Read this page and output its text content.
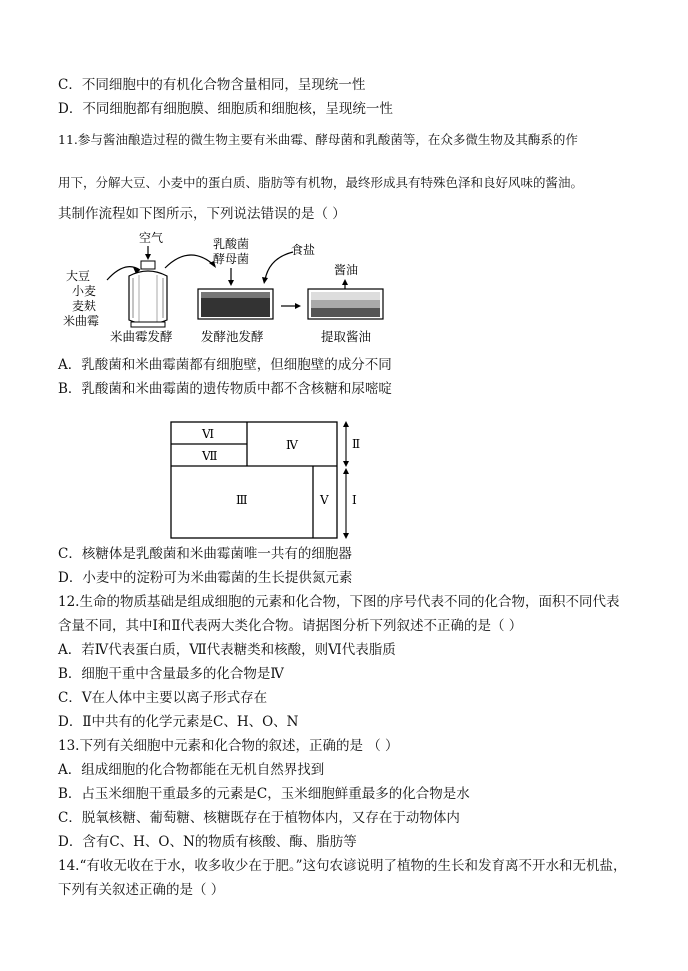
C．不同细胞中的有机化合物含量相同，呈现统一性
D．不同细胞都有细胞膜、细胞质和细胞核，呈现统一性
11.参与酱油酿造过程的微生物主要有米曲霉、酵母菌和乳酸菌等，在众多微生物及其酶系的作
用下，分解大豆、小麦中的蛋白质、脂肪等有机物，最终形成具有特殊色泽和良好风味的酱油。
其制作流程如下图所示，下列说法错误的是（ ）
空气
大豆
小麦
麦麸
米曲霉
乳酸菌
酵母菌
食盐
酱油
米曲霉发酵 发酵池发酵	提取酱油
A．乳酸菌和米曲霉菌都有细胞壁，但细胞壁的成分不同
B．乳酸菌和米曲霉菌的遗传物质中都不含核糖和尿嘧啶
Ⅵ
Ⅶ
Ⅳ
Ⅲ	Ⅴ
Ⅱ
Ⅰ
C．核糖体是乳酸菌和米曲霉菌唯一共有的细胞器
D．小麦中的淀粉可为米曲霉菌的生长提供氮元素
12.生命的物质基础是组成细胞的元素和化合物，下图的序号代表不同的化合物，面积不同代表
含量不同，其中Ⅰ和Ⅱ代表两大类化合物。请据图分析下列叙述不正确的是（ ）
A．若Ⅳ代表蛋白质，Ⅶ代表糖类和核酸，则Ⅵ代表脂质
B．细胞干重中含量最多的化合物是Ⅳ
C．Ⅴ在人体中主要以离子形式存在
D．Ⅱ中共有的化学元素是C、H、O、N
13.下列有关细胞中元素和化合物的叙述，正确的是 （ ）
A．组成细胞的化合物都能在无机自然界找到
B．占玉米细胞干重最多的元素是C，玉米细胞鲜重最多的化合物是水
C．脱氧核糖、葡萄糖、核糖既存在于植物体内，又存在于动物体内
D．含有C、H、O、N的物质有核酸、酶、脂肪等
14.“有收无收在于水，收多收少在于肥。”这句农谚说明了植物的生长和发育离不开水和无机盐，
下列有关叙述正确的是（ ）
